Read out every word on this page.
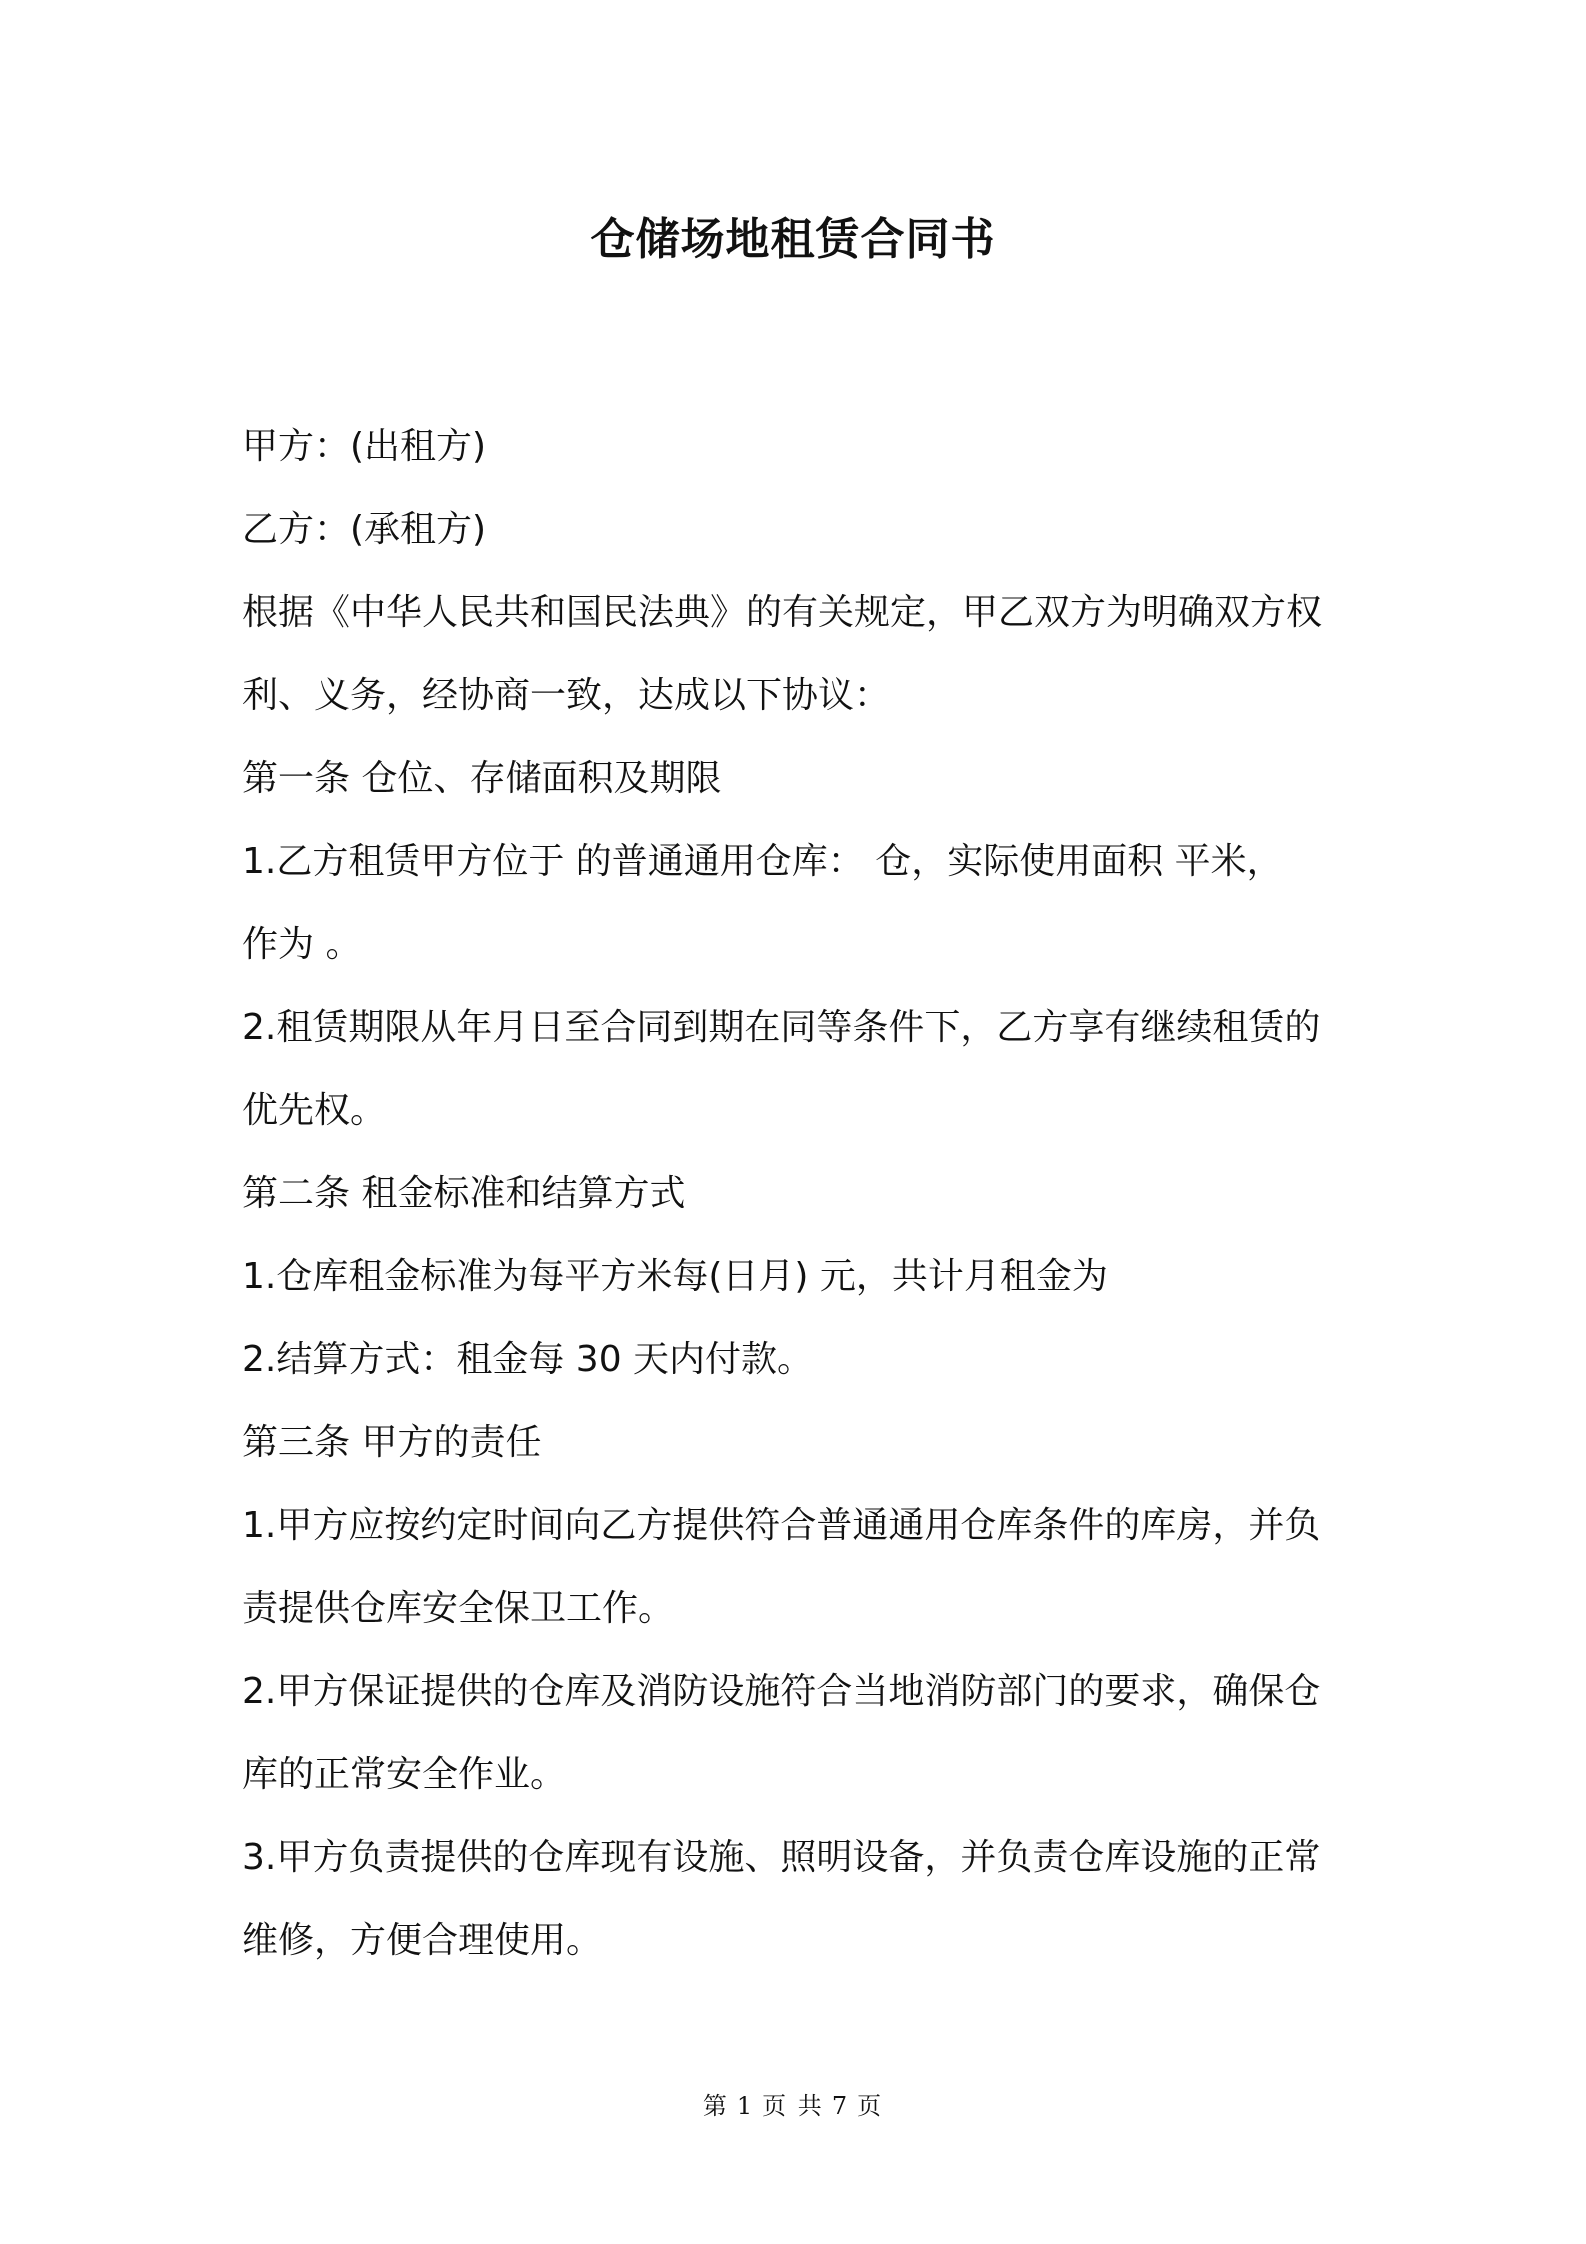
仓储场地租赁合同书
甲方：(出租方)
乙方：(承租方)
根据《中华人民共和国民法典》的有关规定，甲乙双方为明确双方权
利、义务，经协商一致，达成以下协议：
第一条 仓位、存储面积及期限
1.乙方租赁甲方位于 的普通通用仓库： 仓，实际使用面积 平米，
作为 。
2.租赁期限从年月日至合同到期在同等条件下，乙方享有继续租赁的
优先权。
第二条 租金标准和结算方式
1.仓库租金标准为每平方米每(日月) 元，共计月租金为
2.结算方式：租金每 30 天内付款。
第三条 甲方的责任
1.甲方应按约定时间向乙方提供符合普通通用仓库条件的库房，并负
责提供仓库安全保卫工作。
2.甲方保证提供的仓库及消防设施符合当地消防部门的要求，确保仓
库的正常安全作业。
3.甲方负责提供的仓库现有设施、照明设备，并负责仓库设施的正常
维修，方便合理使用。
第 1 页 共 7 页
